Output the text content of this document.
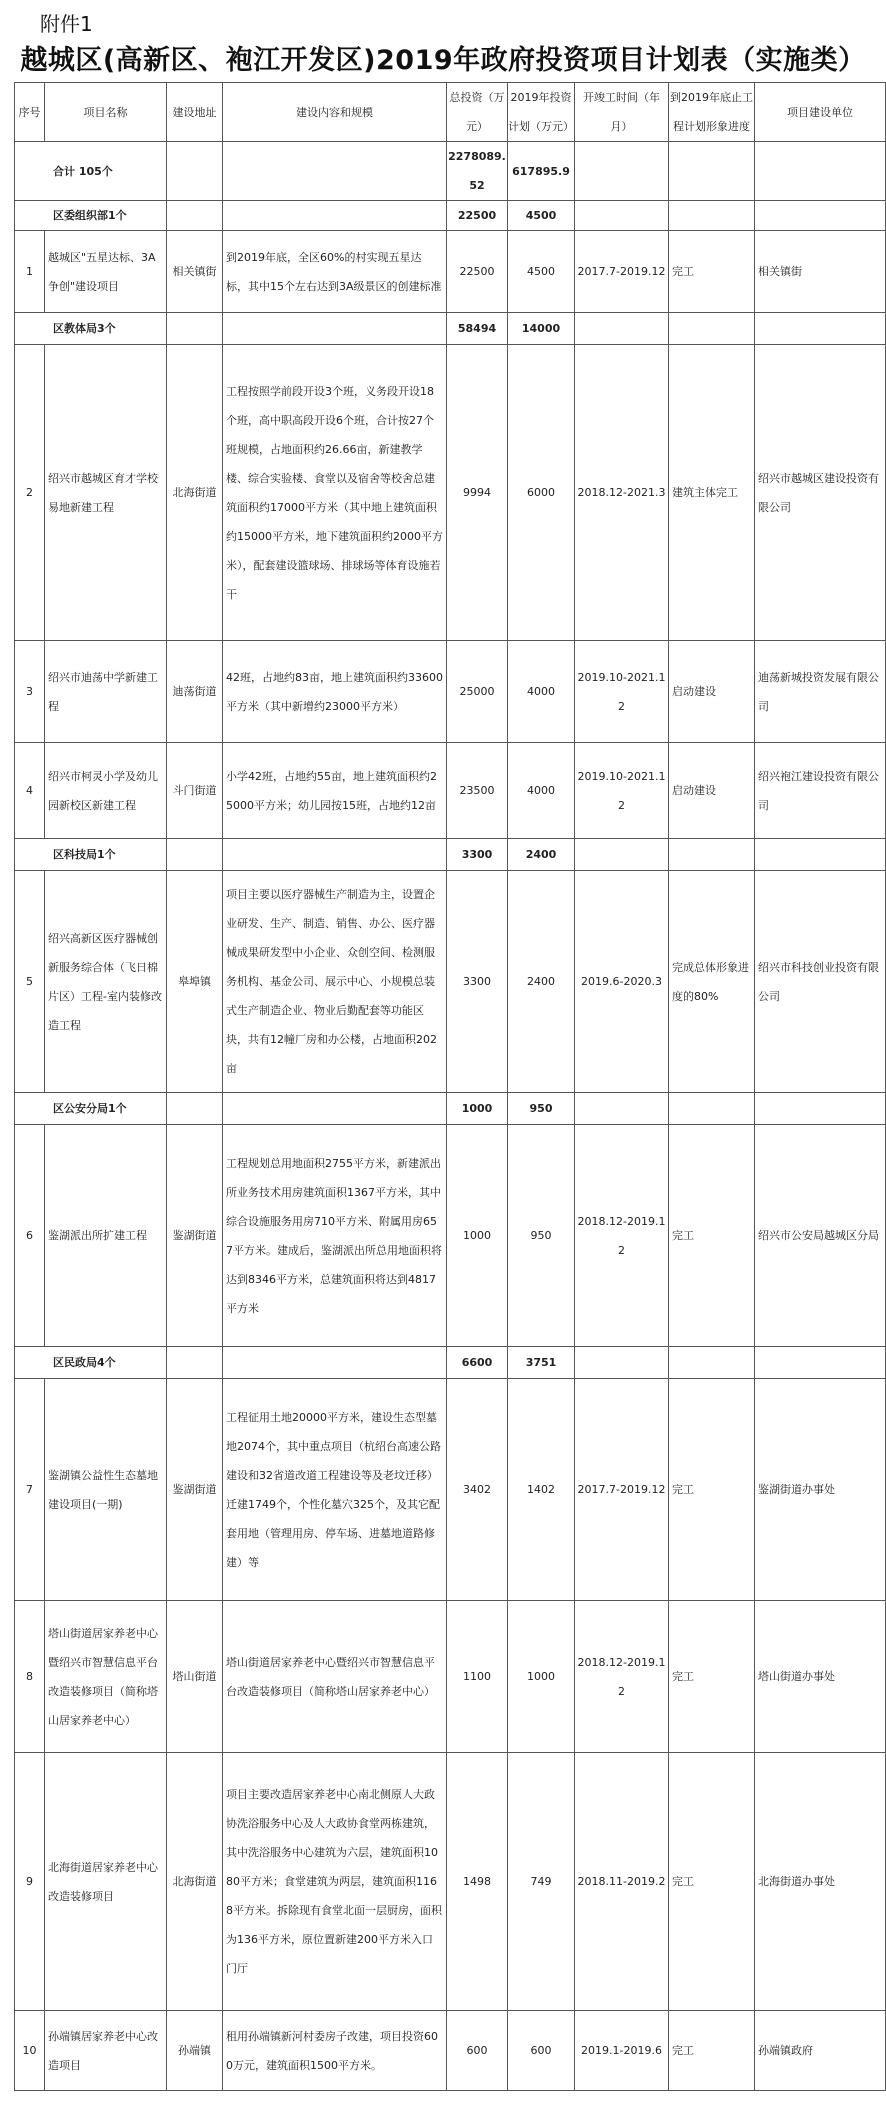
附件1
越城区(高新区、袍江开发区)2019年政府投资项目计划表（实施类）
序号	项目名称	建设地址	建设内容和规模	总投资（万元）	2019年投资计划（万元）	开竣工时间（年月）	到2019年底止工程计划形象进度	项目建设单位
合计 105个				2278089.52	617895.9			
区委组织部1个				22500	4500			
1	越城区"五星达标、3A争创"建设项目	相关镇街	到2019年底，全区60%的村实现五星达标，其中15个左右达到3A级景区的创建标准	22500	4500	2017.7-2019.12	完工	相关镇街
区教体局3个				58494	14000			
2	绍兴市越城区育才学校易地新建工程	北海街道	工程按照学前段开设3个班，义务段开设18个班，高中职高段开设6个班，合计按27个班规模，占地面积约26.66亩，新建教学楼、综合实验楼、食堂以及宿舍等校舍总建筑面积约17000平方米（其中地上建筑面积约15000平方米，地下建筑面积约2000平方米），配套建设篮球场、排球场等体育设施若干	9994	6000	2018.12-2021.3	建筑主体完工	绍兴市越城区建设投资有限公司
3	绍兴市迪荡中学新建工程	迪荡街道	42班，占地约83亩，地上建筑面积约33600平方米（其中新增约23000平方米）	25000	4000	2019.10-2021.12	启动建设	迪荡新城投资发展有限公司
4	绍兴市柯灵小学及幼儿园新校区新建工程	斗门街道	小学42班，占地约55亩，地上建筑面积约25000平方米；幼儿园按15班，占地约12亩	23500	4000	2019.10-2021.12	启动建设	绍兴袍江建设投资有限公司
区科技局1个				3300	2400			
5	绍兴高新区医疗器械创新服务综合体（飞日棉片区）工程-室内装修改造工程	皋埠镇	项目主要以医疗器械生产制造为主，设置企业研发、生产、制造、销售、办公、医疗器械成果研发型中小企业、众创空间、检测服务机构、基金公司、展示中心、小规模总装式生产制造企业、物业后勤配套等功能区块，共有12幢厂房和办公楼，占地面积202亩	3300	2400	2019.6-2020.3	完成总体形象进度的80%	绍兴市科技创业投资有限公司
区公安分局1个				1000	950			
6	鉴湖派出所扩建工程	鉴湖街道	工程规划总用地面积2755平方米，新建派出所业务技术用房建筑面积1367平方米，其中综合设施服务用房710平方米、附属用房657平方米。建成后，鉴湖派出所总用地面积将达到8346平方米，总建筑面积将达到4817平方米	1000	950	2018.12-2019.12	完工	绍兴市公安局越城区分局
区民政局4个				6600	3751			
7	鉴湖镇公益性生态墓地建设项目(一期)	鉴湖街道	工程征用土地20000平方米，建设生态型墓地2074个，其中重点项目（杭绍台高速公路建设和32省道改道工程建设等及老坟迁移）迁建1749个，个性化墓穴325个，及其它配套用地（管理用房、停车场、进墓地道路修建）等	3402	1402	2017.7-2019.12	完工	鉴湖街道办事处
8	塔山街道居家养老中心暨绍兴市智慧信息平台改造装修项目（简称塔山居家养老中心）	塔山街道	塔山街道居家养老中心暨绍兴市智慧信息平台改造装修项目（简称塔山居家养老中心）	1100	1000	2018.12-2019.12	完工	塔山街道办事处
9	北海街道居家养老中心改造装修项目	北海街道	项目主要改造居家养老中心南北侧原人大政协洗浴服务中心及人大政协食堂两栋建筑，其中洗浴服务中心建筑为六层，建筑面积1080平方米；食堂建筑为两层，建筑面积1168平方米。拆除现有食堂北面一层厨房，面积为136平方米，原位置新建200平方米入口门厅	1498	749	2018.11-2019.2	完工	北海街道办事处
10	孙端镇居家养老中心改造项目	孙端镇	租用孙端镇新河村委房子改建，项目投资600万元，建筑面积1500平方米。	600	600	2019.1-2019.6	完工	孙端镇政府
